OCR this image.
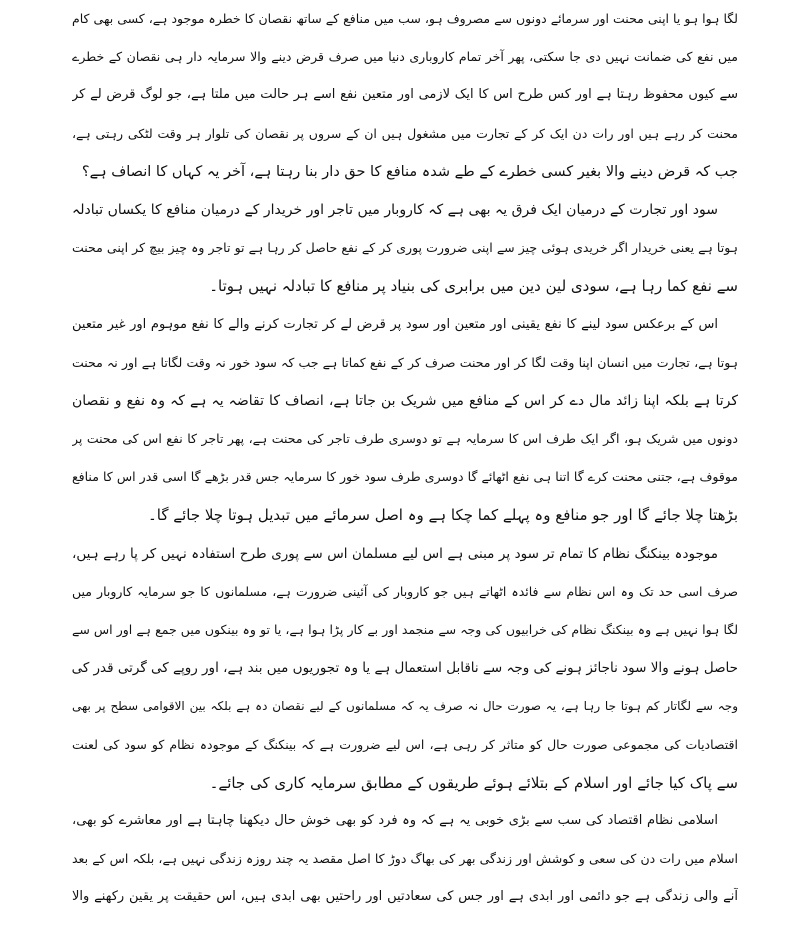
لگا ہوا ہو یا اپنی محنت اور سرمائے دونوں سے مصروف ہو، سب میں منافع کے ساتھ نقصان کا خطرہ موجود ہے، کسی بھی کام
میں نفع کی ضمانت نہیں دی جا سکتی، پھر آخر تمام کاروباری دنیا میں صرف قرض دینے والا سرمایہ دار ہی نقصان کے خطرے
سے کیوں محفوظ رہتا ہے اور کس طرح اس کا ایک لازمی اور متعین نفع اسے ہر حالت میں ملتا ہے، جو لوگ قرض لے کر
محنت کر رہے ہیں اور رات دن ایک کر کے تجارت میں مشغول ہیں ان کے سروں پر نقصان کی تلوار ہر وقت لٹکی رہتی ہے،
جب کہ قرض دینے والا بغیر کسی خطرے کے طے شدہ منافع کا حق دار بنا رہتا ہے، آخر یہ کہاں کا انصاف ہے؟
سود اور تجارت کے درمیان ایک فرق یہ بھی ہے کہ کاروبار میں تاجر اور خریدار کے درمیان منافع کا یکساں تبادلہ
ہوتا ہے یعنی خریدار اگر خریدی ہوئی چیز سے اپنی ضرورت پوری کر کے نفع حاصل کر رہا ہے تو تاجر وہ چیز بیچ کر اپنی محنت
سے نفع کما رہا ہے، سودی لین دین میں برابری کی بنیاد پر منافع کا تبادلہ نہیں ہوتا۔
اس کے برعکس سود لینے کا نفع یقینی اور متعین اور سود پر قرض لے کر تجارت کرنے والے کا نفع موہوم اور غیر متعین
ہوتا ہے، تجارت میں انسان اپنا وقت لگا کر اور محنت صرف کر کے نفع کماتا ہے جب کہ سود خور نہ وقت لگاتا ہے اور نہ محنت
کرتا ہے بلکہ اپنا زائد مال دے کر اس کے منافع میں شریک بن جاتا ہے، انصاف کا تقاضہ یہ ہے کہ وہ نفع و نقصان
دونوں میں شریک ہو، اگر ایک طرف اس کا سرمایہ ہے تو دوسری طرف تاجر کی محنت ہے، پھر تاجر کا نفع اس کی محنت پر
موقوف ہے، جتنی محنت کرے گا اتنا ہی نفع اٹھائے گا دوسری طرف سود خور کا سرمایہ جس قدر بڑھے گا اسی قدر اس کا منافع
بڑھتا چلا جائے گا اور جو منافع وہ پہلے کما چکا ہے وہ اصل سرمائے میں تبدیل ہوتا چلا جائے گا۔
موجودہ بینکنگ نظام کا تمام تر سود پر مبنی ہے اس لیے مسلمان اس سے پوری طرح استفادہ نہیں کر پا رہے ہیں،
صرف اسی حد تک وہ اس نظام سے فائدہ اٹھاتے ہیں جو کاروبار کی آئینی ضرورت ہے، مسلمانوں کا جو سرمایہ کاروبار میں
لگا ہوا نہیں ہے وہ بینکنگ نظام کی خرابیوں کی وجہ سے منجمد اور بے کار پڑا ہوا ہے، یا تو وہ بینکوں میں جمع ہے اور اس سے
حاصل ہونے والا سود ناجائز ہونے کی وجہ سے ناقابل استعمال ہے یا وہ تجوریوں میں بند ہے، اور روپے کی گرتی قدر کی
وجہ سے لگاتار کم ہوتا جا رہا ہے، یہ صورت حال نہ صرف یہ کہ مسلمانوں کے لیے نقصان دہ ہے بلکہ بین الاقوامی سطح پر بھی
اقتصادیات کی مجموعی صورت حال کو متاثر کر رہی ہے، اس لیے ضرورت ہے کہ بینکنگ کے موجودہ نظام کو سود کی لعنت
سے پاک کیا جائے اور اسلام کے بتلائے ہوئے طریقوں کے مطابق سرمایہ کاری کی جائے۔
اسلامی نظام اقتصاد کی سب سے بڑی خوبی یہ ہے کہ وہ فرد کو بھی خوش حال دیکھنا چاہتا ہے اور معاشرے کو بھی،
اسلام میں رات دن کی سعی و کوشش اور زندگی بھر کی بھاگ دوڑ کا اصل مقصد یہ چند روزہ زندگی نہیں ہے، بلکہ اس کے بعد
آنے والی زندگی ہے جو دائمی اور ابدی ہے اور جس کی سعادتیں اور راحتیں بھی ابدی ہیں، اس حقیقت پر یقین رکھنے والا
